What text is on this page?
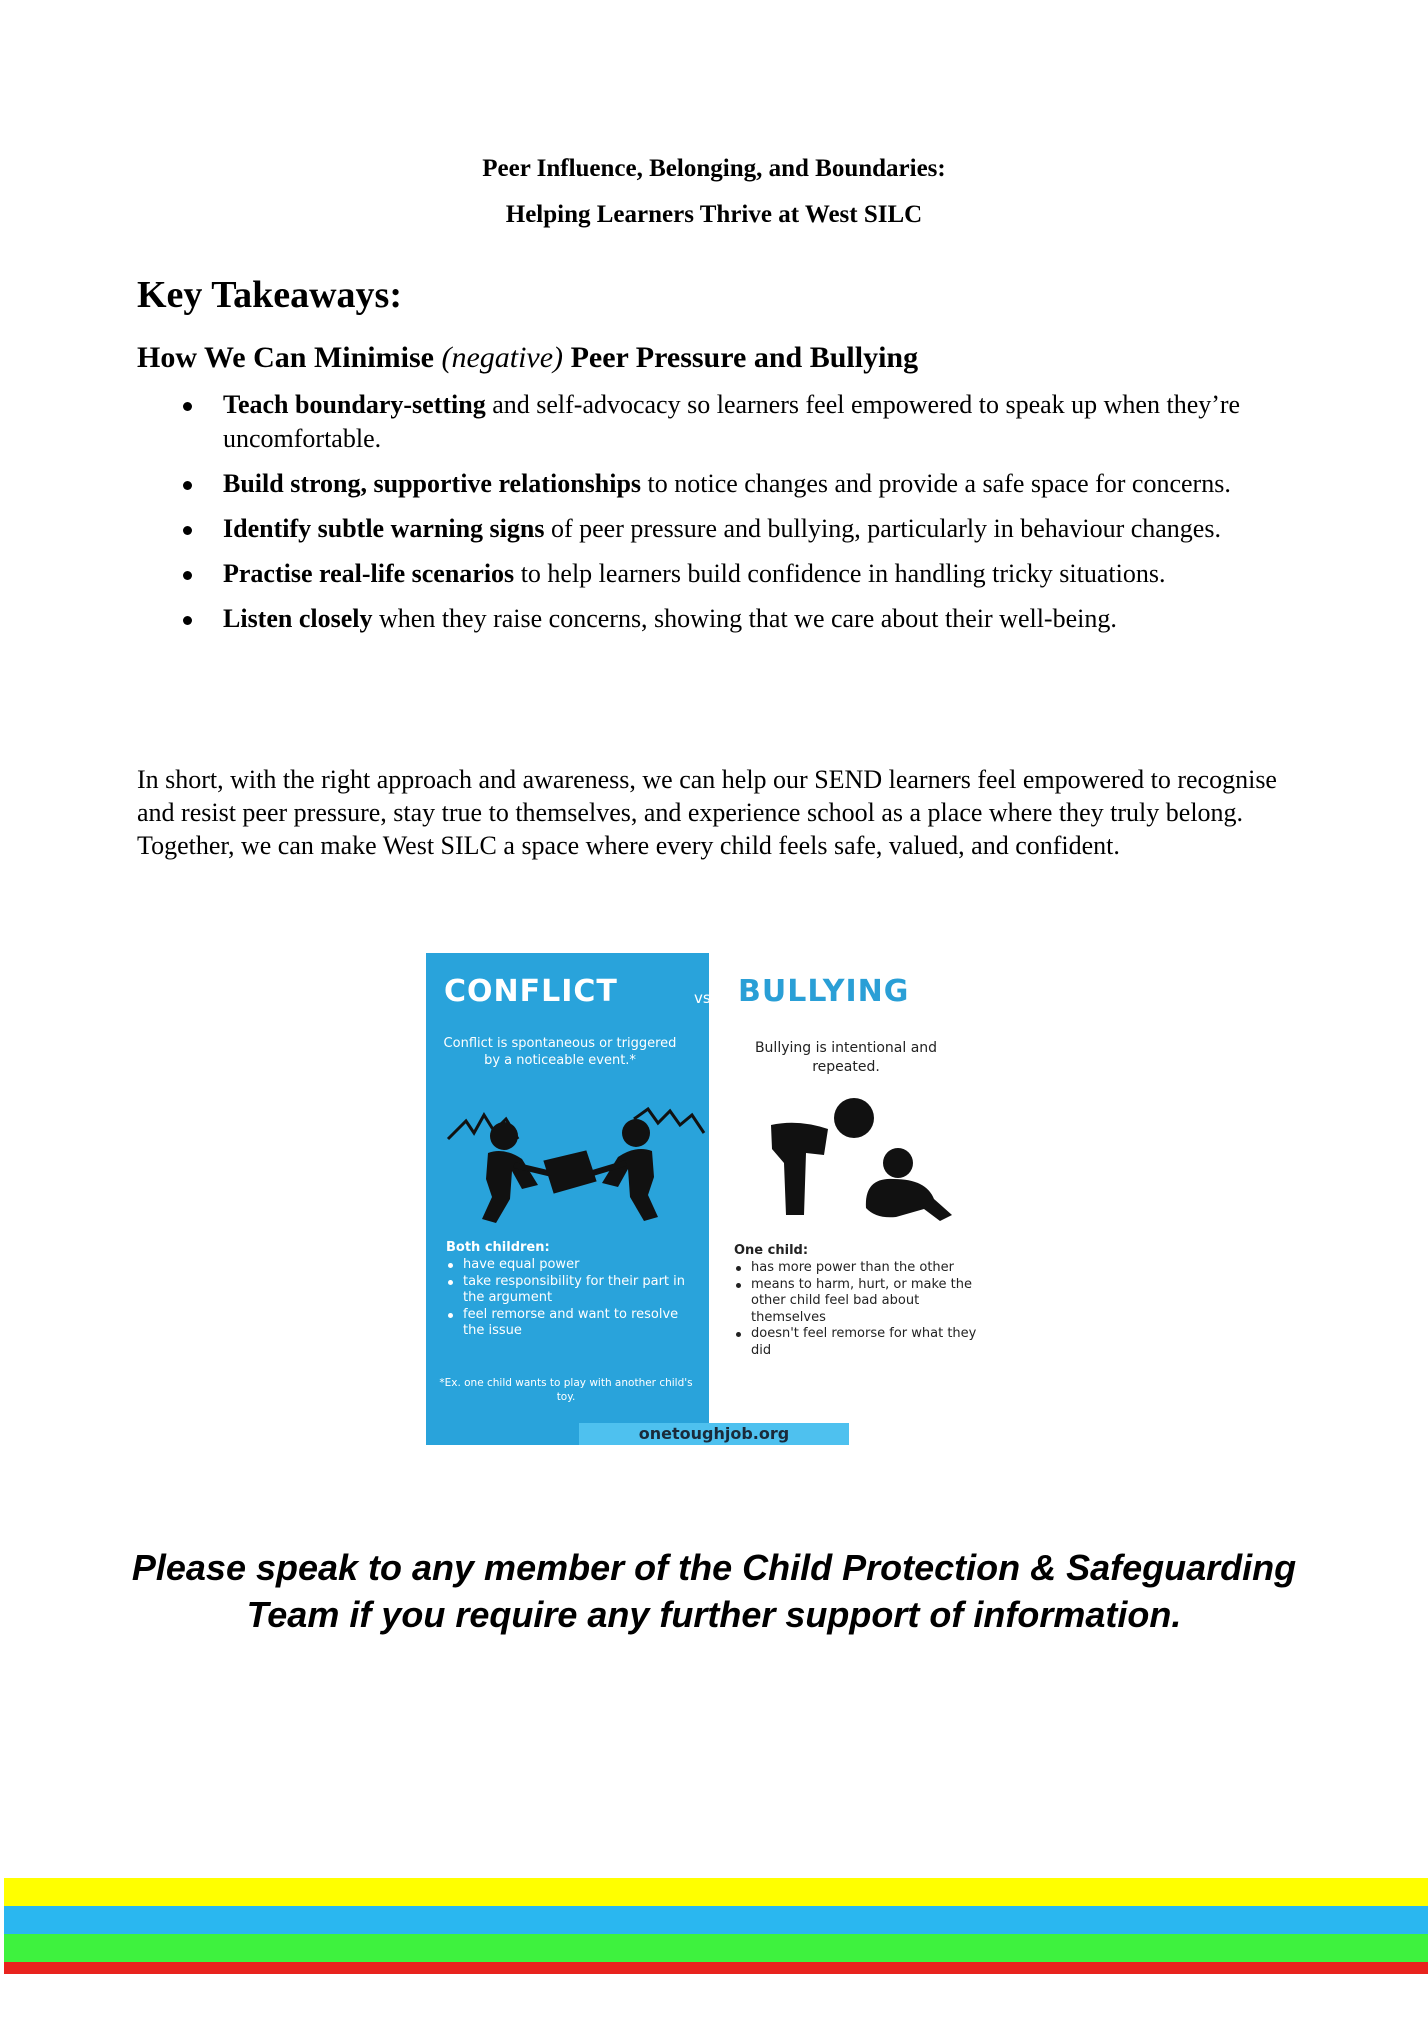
Peer Influence, Belonging, and Boundaries:
Helping Learners Thrive at West SILC
Key Takeaways:
How We Can Minimise (negative) Peer Pressure and Bullying
Teach boundary-setting and self-advocacy so learners feel empowered to speak up when they’re uncomfortable.
Build strong, supportive relationships to notice changes and provide a safe space for concerns.
Identify subtle warning signs of peer pressure and bullying, particularly in behaviour changes.
Practise real-life scenarios to help learners build confidence in handling tricky situations.
Listen closely when they raise concerns, showing that we care about their well-being.
In short, with the right approach and awareness, we can help our SEND learners feel empowered to recognise and resist peer pressure, stay true to themselves, and experience school as a place where they truly belong. Together, we can make West SILC a space where every child feels safe, valued, and confident.
CONFLICT	vs. BULLYING
Conflict is spontaneous or triggered by a noticeable event.*
Bullying is intentional and repeated.
Both children:
have equal power
take responsibility for their part in the argument
feel remorse and want to resolve the issue
*Ex. one child wants to play with another child's toy.
One child:
has more power than the other
means to harm, hurt, or make the other child feel bad about themselves
doesn't feel remorse for what they did
onetoughjob.org
Please speak to any member of the Child Protection & Safeguarding Team if you require any further support of information.
